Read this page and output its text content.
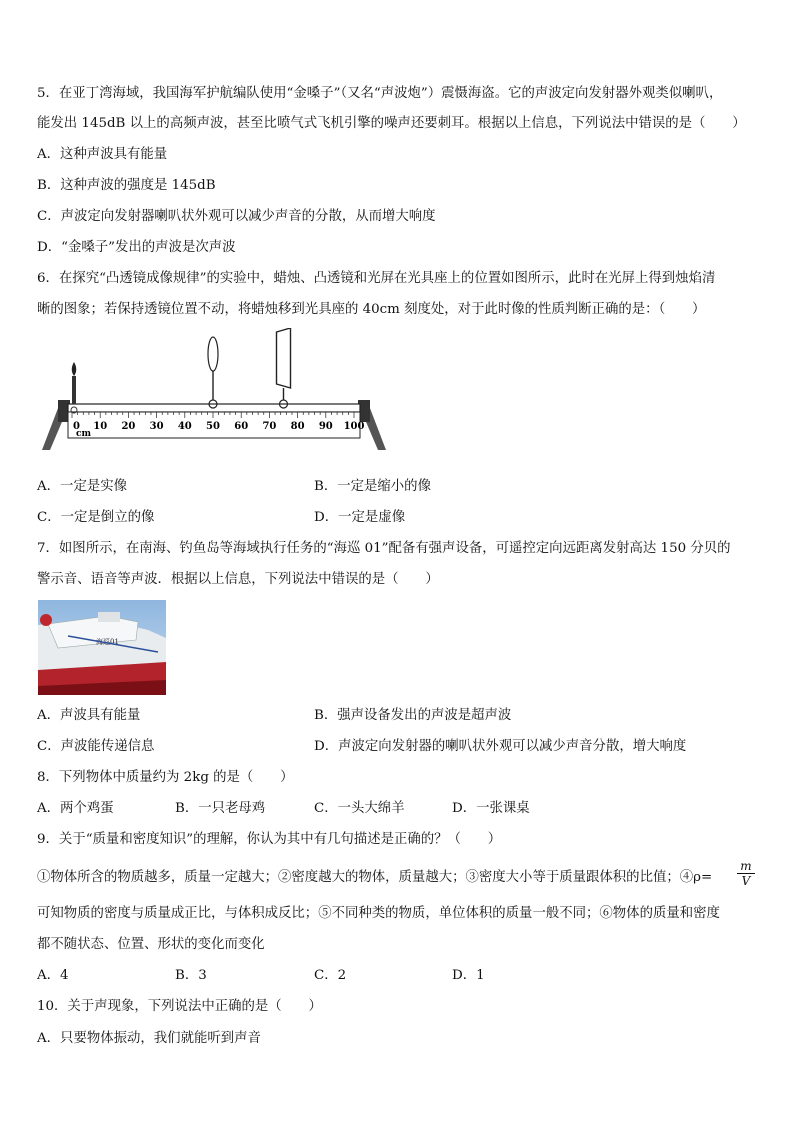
5．在亚丁湾海域，我国海军护航编队使用“金嗓子”（又名“声波炮”）震慑海盗。它的声波定向发射器外观类似喇叭，
能发出 145dB 以上的高频声波，甚至比喷气式飞机引擎的噪声还要刺耳。根据以上信息，下列说法中错误的是（　　）
A．这种声波具有能量
B．这种声波的强度是 145dB
C．声波定向发射器喇叭状外观可以减少声音的分散，从而增大响度
D．“金嗓子”发出的声波是次声波
6．在探究“凸透镜成像规律”的实验中，蜡烛、凸透镜和光屏在光具座上的位置如图所示，此时在光屏上得到烛焰清
晰的图象；若保持透镜位置不动，将蜡烛移到光具座的 40cm 刻度处，对于此时像的性质判断正确的是：（　　）
0 10 20 30 40 50 60 70 80 90 100
cm
A．一定是实像	B．一定是缩小的像
C．一定是倒立的像	D．一定是虚像
7．如图所示，在南海、钓鱼岛等海域执行任务的“海巡 01”配备有强声设备，可遥控定向远距离发射高达 150 分贝的
警示音、语音等声波．根据以上信息，下列说法中错误的是（　　）
海巡01
A．声波具有能量	B．强声设备发出的声波是超声波
C．声波能传递信息	D．声波定向发射器的喇叭状外观可以减少声音分散，增大响度
8．下列物体中质量约为 2kg 的是（　　）
A．两个鸡蛋	B．一只老母鸡	C．一头大绵羊	D．一张课桌
9．关于“质量和密度知识”的理解，你认为其中有几句描述是正确的？（　　）
①物体所含的物质越多，质量一定越大；②密度越大的物体，质量越大；③密度大小等于质量跟体积的比值；④ρ= $\frac{m}{V}$
可知物质的密度与质量成正比，与体积成反比；⑤不同种类的物质，单位体积的质量一般不同；⑥物体的质量和密度
都不随状态、位置、形状的变化而变化
A．4	B．3	C．2	D．1
10．关于声现象，下列说法中正确的是（　　）
A．只要物体振动，我们就能听到声音
